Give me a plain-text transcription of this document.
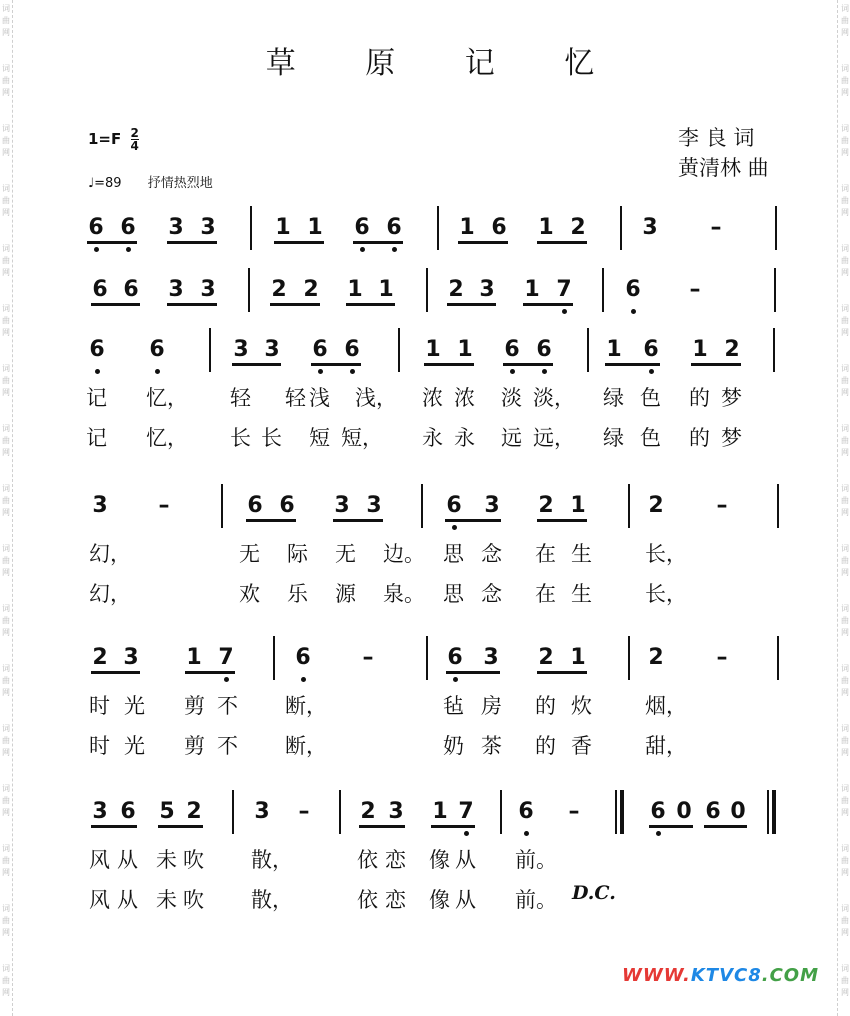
词
曲
网
词
曲
网
词
曲
网
词
曲
网
词
曲
网
词
曲
网
词
曲
网
词
曲
网
词
曲
网
词
曲
网
词
曲
网
词
曲
网
词
曲
网
词
曲
网
词
曲
网
词
曲
网
词
曲
网
词
曲
网
词
曲
网
词
曲
网
词
曲
网
词
曲
网
词
曲
网
词
曲
网
词
曲
网
词
曲
网
词
曲
网
词
曲
网
词
曲
网
词
曲
网
词
曲
网
词
曲
网
词
曲
网
词
曲
网
草 原 记 忆
$1=F \frac{2}{4}$
♩=89 抒情热烈地
李 良 词
黄清林 曲
6 6 3 3	1 1 6 6	1 6 1 2	3 –
6 6 3 3	2 2 1 1 2 3 1 7 6 –
6 6	3 3 6 6	1 1 6 6 1 6 1 2
记 忆， 轻 轻 浅 浅， 浓 浓 淡 淡， 绿 色 的 梦
记 忆， 长 长 短 短， 永 永 远 远， 绿 色 的 梦
3 –	6 6 3 3	6 3 2 1	2 –
幻，	无 际 无 边。 思 念 在 生	长，
幻，	欢 乐 源 泉。 思 念 在 生	长，
2 3 1 7	6 –	6 3 2 1	2 –
时 光 剪 不 断，	毡 房 的 炊	烟，
时 光 剪 不 断，	奶 茶 的 香	甜，
3 6 5 2 3 – 2 3 1 7 6 –	6 0 6 0
风 从 未 吹 散，	依 恋 像 从 前。
风 从 未 吹 散，	依 恋 像 从 前。 D.C.
WWW.KTVC8.COM
